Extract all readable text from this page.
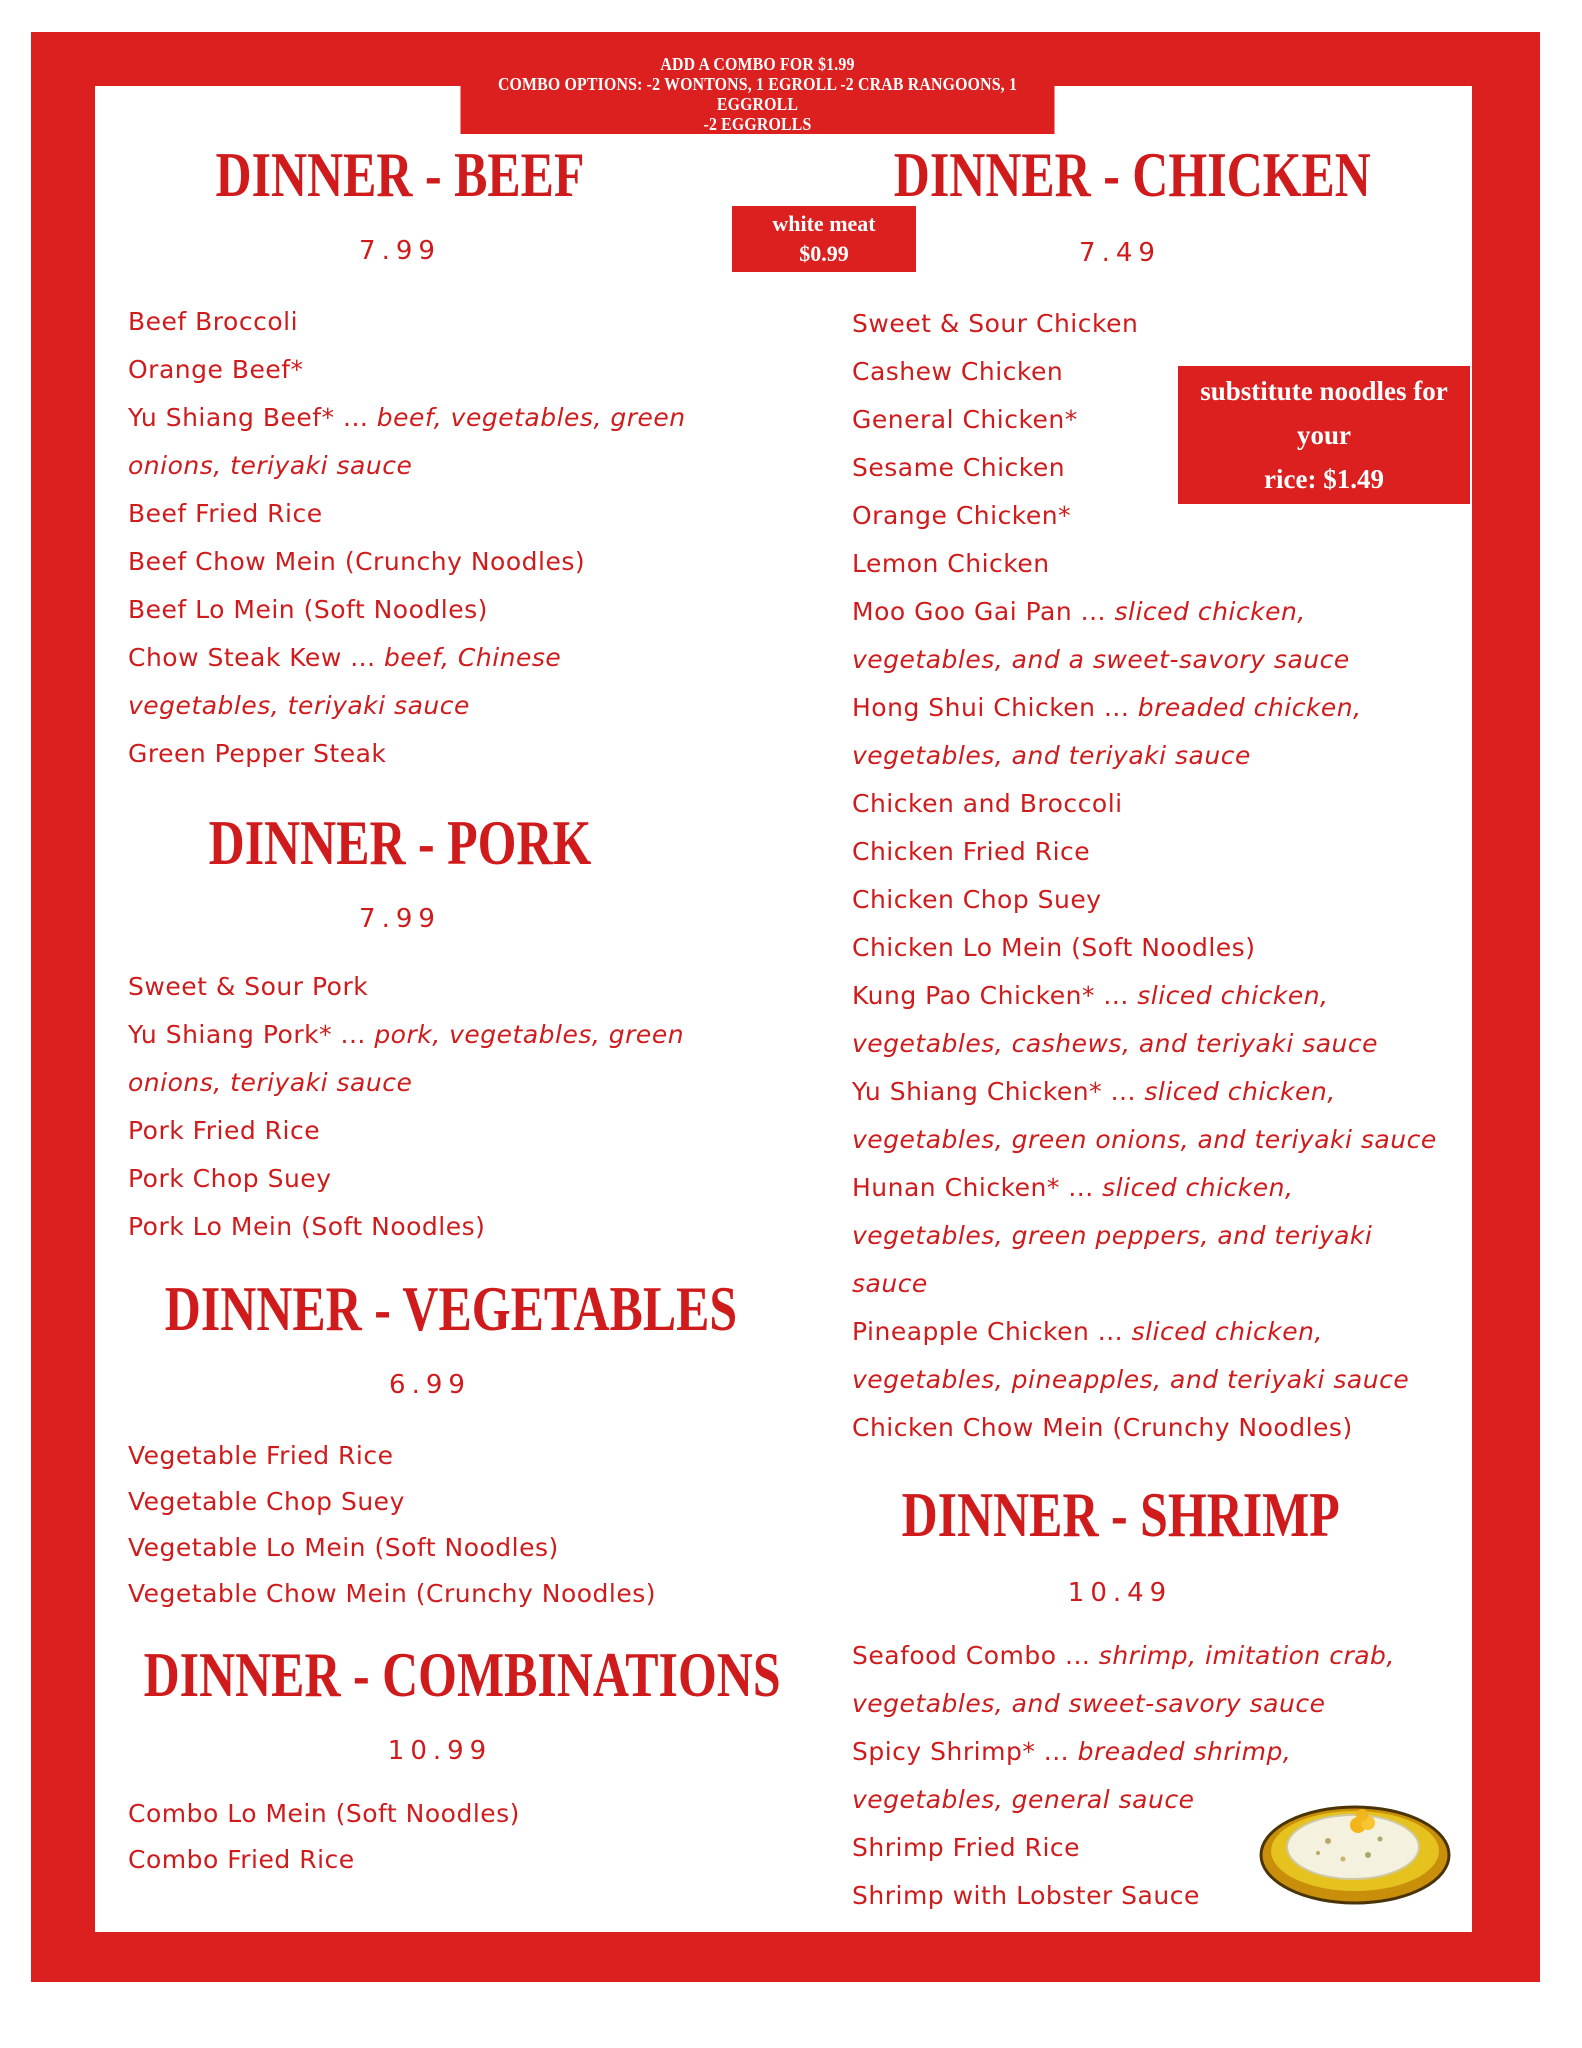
ADD A COMBO FOR $1.99
COMBO OPTIONS: -2 WONTONS, 1 EGROLL -2 CRAB RANGOONS, 1 EGGROLL
-2 EGGROLLS
white meat
$0.99
substitute noodles for your
rice: $1.49
DINNER - BEEF
7.99
Beef Broccoli
Orange Beef*
Yu Shiang Beef* ... beef, vegetables, green
onions, teriyaki sauce
Beef Fried Rice
Beef Chow Mein (Crunchy Noodles)
Beef Lo Mein (Soft Noodles)
Chow Steak Kew ... beef, Chinese
vegetables, teriyaki sauce
Green Pepper Steak
DINNER - PORK
7.99
Sweet & Sour Pork
Yu Shiang Pork* ... pork, vegetables, green
onions, teriyaki sauce
Pork Fried Rice
Pork Chop Suey
Pork Lo Mein (Soft Noodles)
DINNER - VEGETABLES
6.99
Vegetable Fried Rice
Vegetable Chop Suey
Vegetable Lo Mein (Soft Noodles)
Vegetable Chow Mein (Crunchy Noodles)
DINNER - COMBINATIONS
10.99
Combo Lo Mein (Soft Noodles)
Combo Fried Rice
DINNER - CHICKEN
7.49
Sweet & Sour Chicken
Cashew Chicken
General Chicken*
Sesame Chicken
Orange Chicken*
Lemon Chicken
Moo Goo Gai Pan ... sliced chicken,
vegetables, and a sweet-savory sauce
Hong Shui Chicken ... breaded chicken,
vegetables, and teriyaki sauce
Chicken and Broccoli
Chicken Fried Rice
Chicken Chop Suey
Chicken Lo Mein (Soft Noodles)
Kung Pao Chicken* ... sliced chicken,
vegetables, cashews, and teriyaki sauce
Yu Shiang Chicken* ... sliced chicken,
vegetables, green onions, and teriyaki sauce
Hunan Chicken* ... sliced chicken,
vegetables, green peppers, and teriyaki
sauce
Pineapple Chicken ... sliced chicken,
vegetables, pineapples, and teriyaki sauce
Chicken Chow Mein (Crunchy Noodles)
DINNER - SHRIMP
10.49
Seafood Combo ... shrimp, imitation crab,
vegetables, and sweet-savory sauce
Spicy Shrimp* ... breaded shrimp,
vegetables, general sauce
Shrimp Fried Rice
Shrimp with Lobster Sauce
